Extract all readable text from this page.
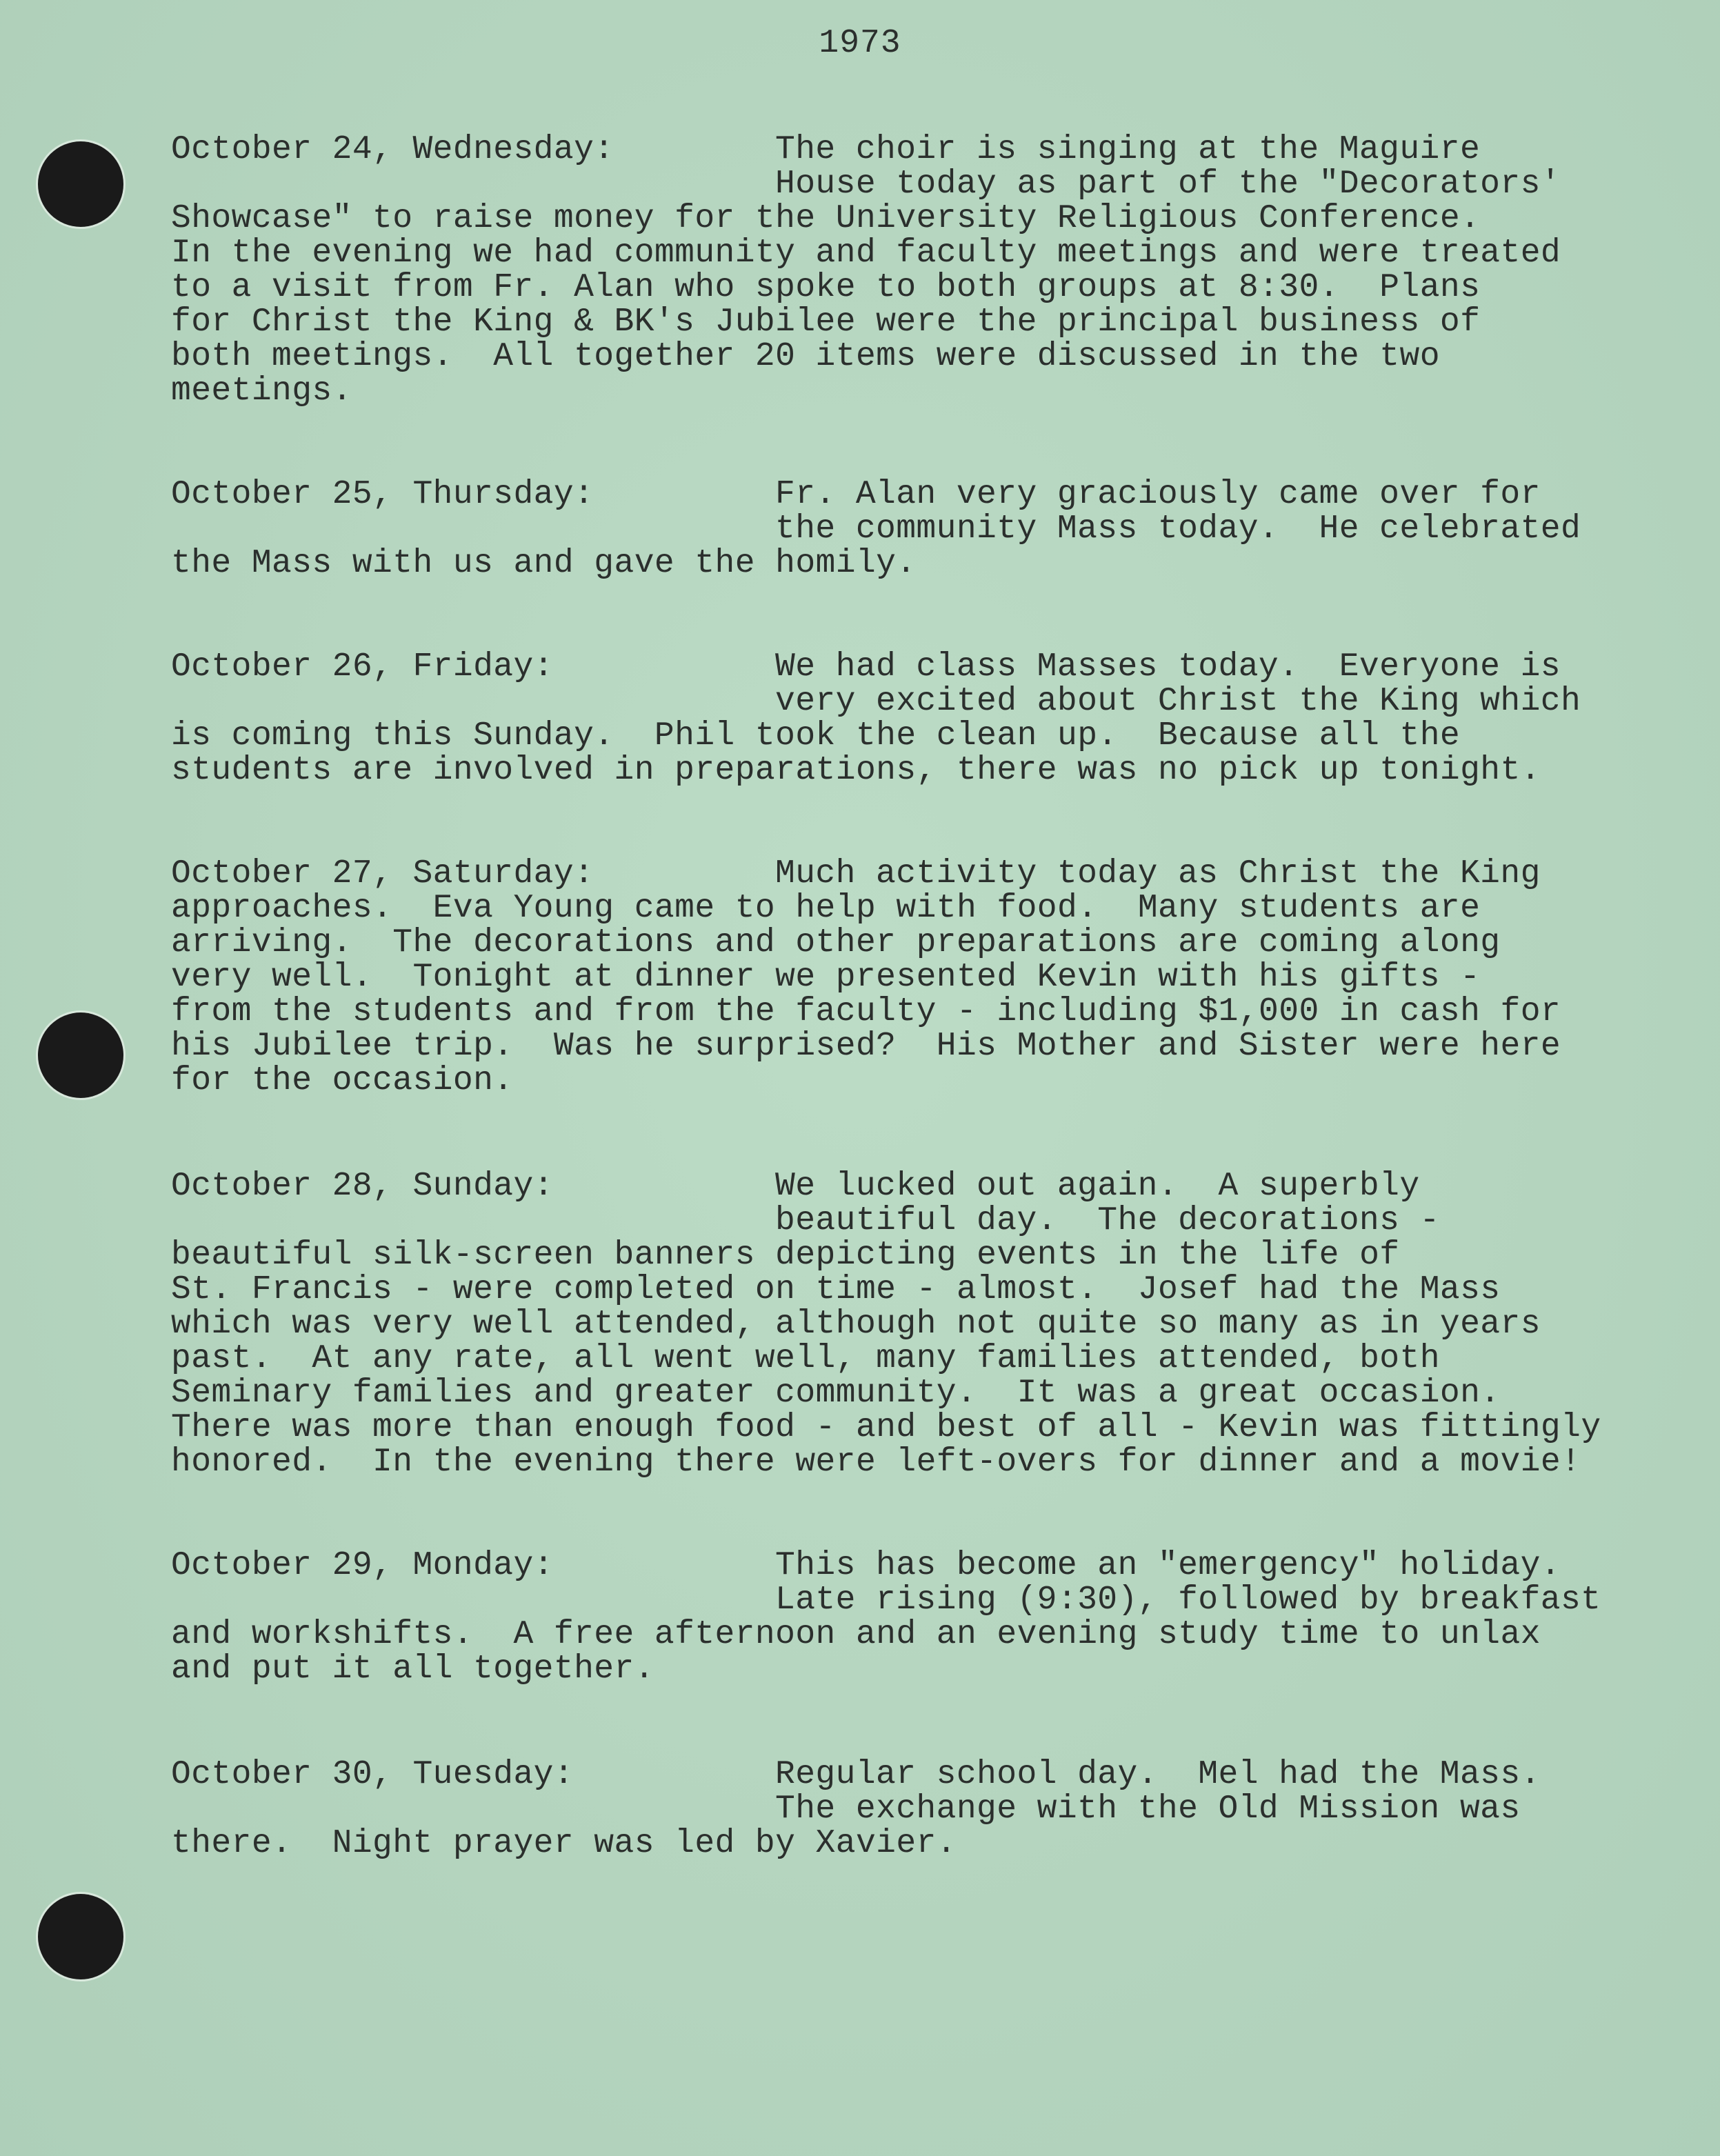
1973
October 24, Wednesday:	The choir is singing at the Maguire
House today as part of the "Decorators'
Showcase" to raise money for the University Religious Conference.
In the evening we had community and faculty meetings and were treated
to a visit from Fr. Alan who spoke to both groups at 8:30.  Plans
for Christ the King & BK's Jubilee were the principal business of
both meetings.  All together 20 items were discussed in the two
meetings.
October 25, Thursday:	Fr. Alan very graciously came over for
the community Mass today.  He celebrated
the Mass with us and gave the homily.
October 26, Friday:	We had class Masses today.  Everyone is
very excited about Christ the King which
is coming this Sunday.  Phil took the clean up.  Because all the
students are involved in preparations, there was no pick up tonight.
October 27, Saturday:	Much activity today as Christ the King
approaches.  Eva Young came to help with food.  Many students are
arriving.  The decorations and other preparations are coming along
very well.  Tonight at dinner we presented Kevin with his gifts -
from the students and from the faculty - including $1,000 in cash for
his Jubilee trip.  Was he surprised?  His Mother and Sister were here
for the occasion.
October 28, Sunday:	We lucked out again.  A superbly
beautiful day.  The decorations -
beautiful silk-screen banners depicting events in the life of
St. Francis - were completed on time - almost.  Josef had the Mass
which was very well attended, although not quite so many as in years
past.  At any rate, all went well, many families attended, both
Seminary families and greater community.  It was a great occasion.
There was more than enough food - and best of all - Kevin was fittingly
honored.  In the evening there were left-overs for dinner and a movie!
October 29, Monday:	This has become an "emergency" holiday.
Late rising (9:30), followed by breakfast
and workshifts.  A free afternoon and an evening study time to unlax
and put it all together.
October 30, Tuesday:	Regular school day.  Mel had the Mass.
The exchange with the Old Mission was
there.  Night prayer was led by Xavier.
